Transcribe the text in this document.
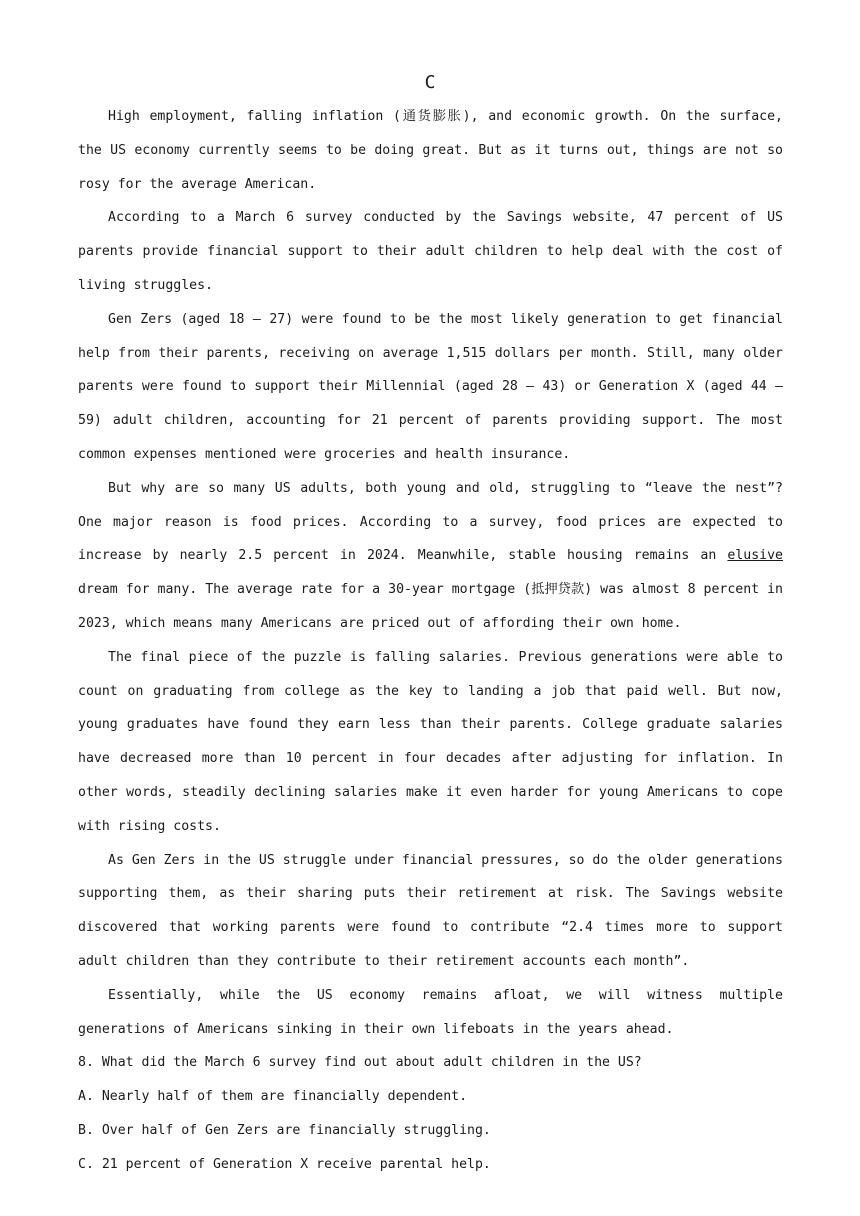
C

High employment, falling inflation (通货膨胀), and economic growth. On the surface, the US economy currently seems to be doing great. But as it turns out, things are not so rosy for the average American.

According to a March 6 survey conducted by the Savings website, 47 percent of US parents provide financial support to their adult children to help deal with the cost of living struggles.

Gen Zers (aged 18 — 27) were found to be the most likely generation to get financial help from their parents, receiving on average 1,515 dollars per month. Still, many older parents were found to support their Millennial (aged 28 — 43) or Generation X (aged 44 — 59) adult children, accounting for 21 percent of parents providing support. The most common expenses mentioned were groceries and health insurance.

But why are so many US adults, both young and old, struggling to “leave the nest”? One major reason is food prices. According to a survey, food prices are expected to increase by nearly 2.5 percent in 2024. Meanwhile, stable housing remains an elusive dream for many. The average rate for a 30-year mortgage (抵押贷款) was almost 8 percent in 2023, which means many Americans are priced out of affording their own home.

The final piece of the puzzle is falling salaries. Previous generations were able to count on graduating from college as the key to landing a job that paid well. But now, young graduates have found they earn less than their parents. College graduate salaries have decreased more than 10 percent in four decades after adjusting for inflation. In other words, steadily declining salaries make it even harder for young Americans to cope with rising costs.

As Gen Zers in the US struggle under financial pressures, so do the older generations supporting them, as their sharing puts their retirement at risk. The Savings website discovered that working parents were found to contribute “2.4 times more to support adult children than they contribute to their retirement accounts each month”.

Essentially, while the US economy remains afloat, we will witness multiple generations of Americans sinking in their own lifeboats in the years ahead.

8. What did the March 6 survey find out about adult children in the US?

A. Nearly half of them are financially dependent.

B. Over half of Gen Zers are financially struggling.

C. 21 percent of Generation X receive parental help.
